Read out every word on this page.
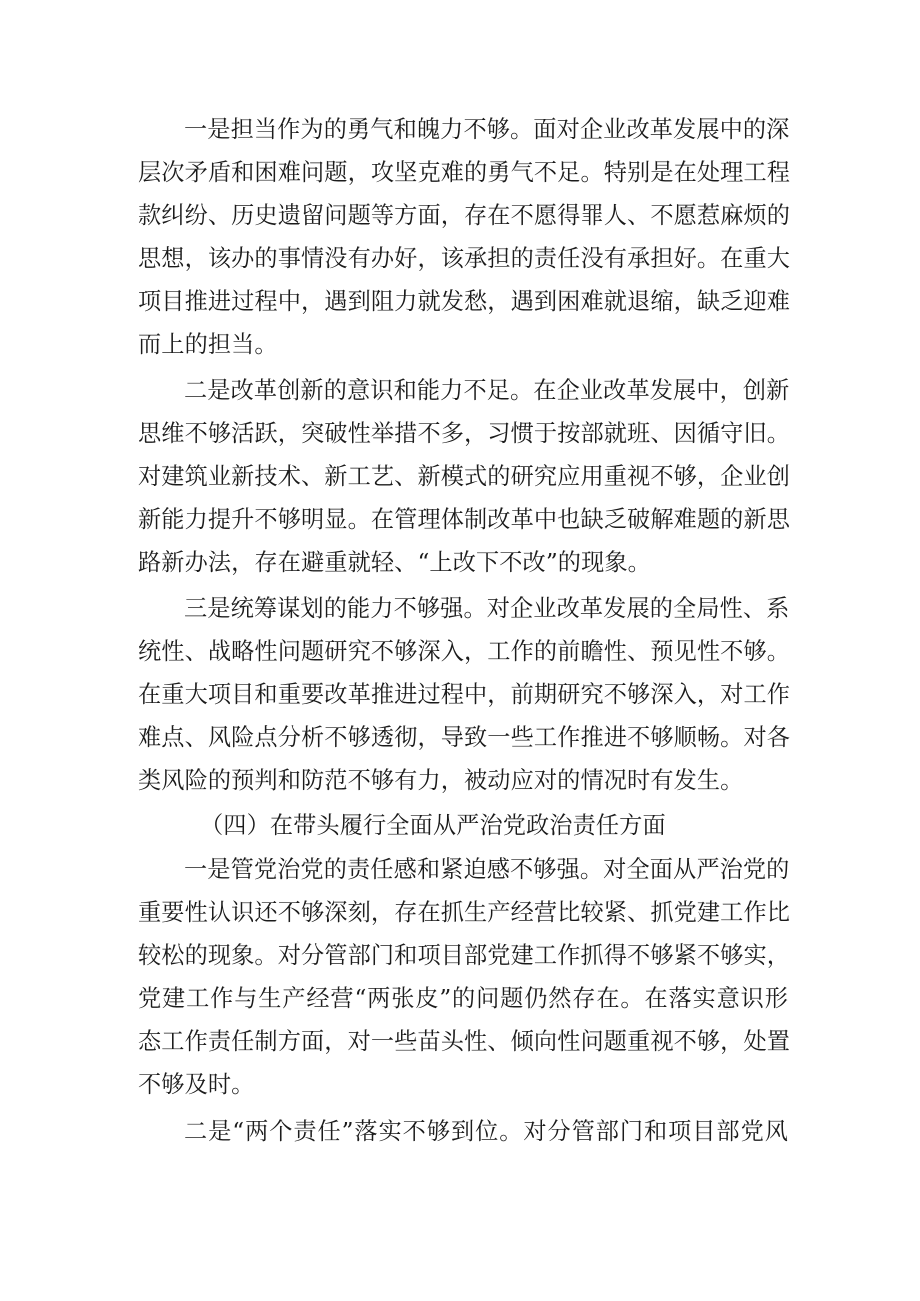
一是担当作为的勇气和魄力不够。面对企业改革发展中的深
层次矛盾和困难问题，攻坚克难的勇气不足。特别是在处理工程
款纠纷、历史遗留问题等方面，存在不愿得罪人、不愿惹麻烦的
思想，该办的事情没有办好，该承担的责任没有承担好。在重大
项目推进过程中，遇到阻力就发愁，遇到困难就退缩，缺乏迎难
而上的担当。
二是改革创新的意识和能力不足。在企业改革发展中，创新
思维不够活跃，突破性举措不多，习惯于按部就班、因循守旧。
对建筑业新技术、新工艺、新模式的研究应用重视不够，企业创
新能力提升不够明显。在管理体制改革中也缺乏破解难题的新思
路新办法，存在避重就轻、“上改下不改”的现象。
三是统筹谋划的能力不够强。对企业改革发展的全局性、系
统性、战略性问题研究不够深入，工作的前瞻性、预见性不够。
在重大项目和重要改革推进过程中，前期研究不够深入，对工作
难点、风险点分析不够透彻，导致一些工作推进不够顺畅。对各
类风险的预判和防范不够有力，被动应对的情况时有发生。
（四）在带头履行全面从严治党政治责任方面
一是管党治党的责任感和紧迫感不够强。对全面从严治党的
重要性认识还不够深刻，存在抓生产经营比较紧、抓党建工作比
较松的现象。对分管部门和项目部党建工作抓得不够紧不够实，
党建工作与生产经营“两张皮”的问题仍然存在。在落实意识形
态工作责任制方面，对一些苗头性、倾向性问题重视不够，处置
不够及时。
二是“两个责任”落实不够到位。对分管部门和项目部党风
